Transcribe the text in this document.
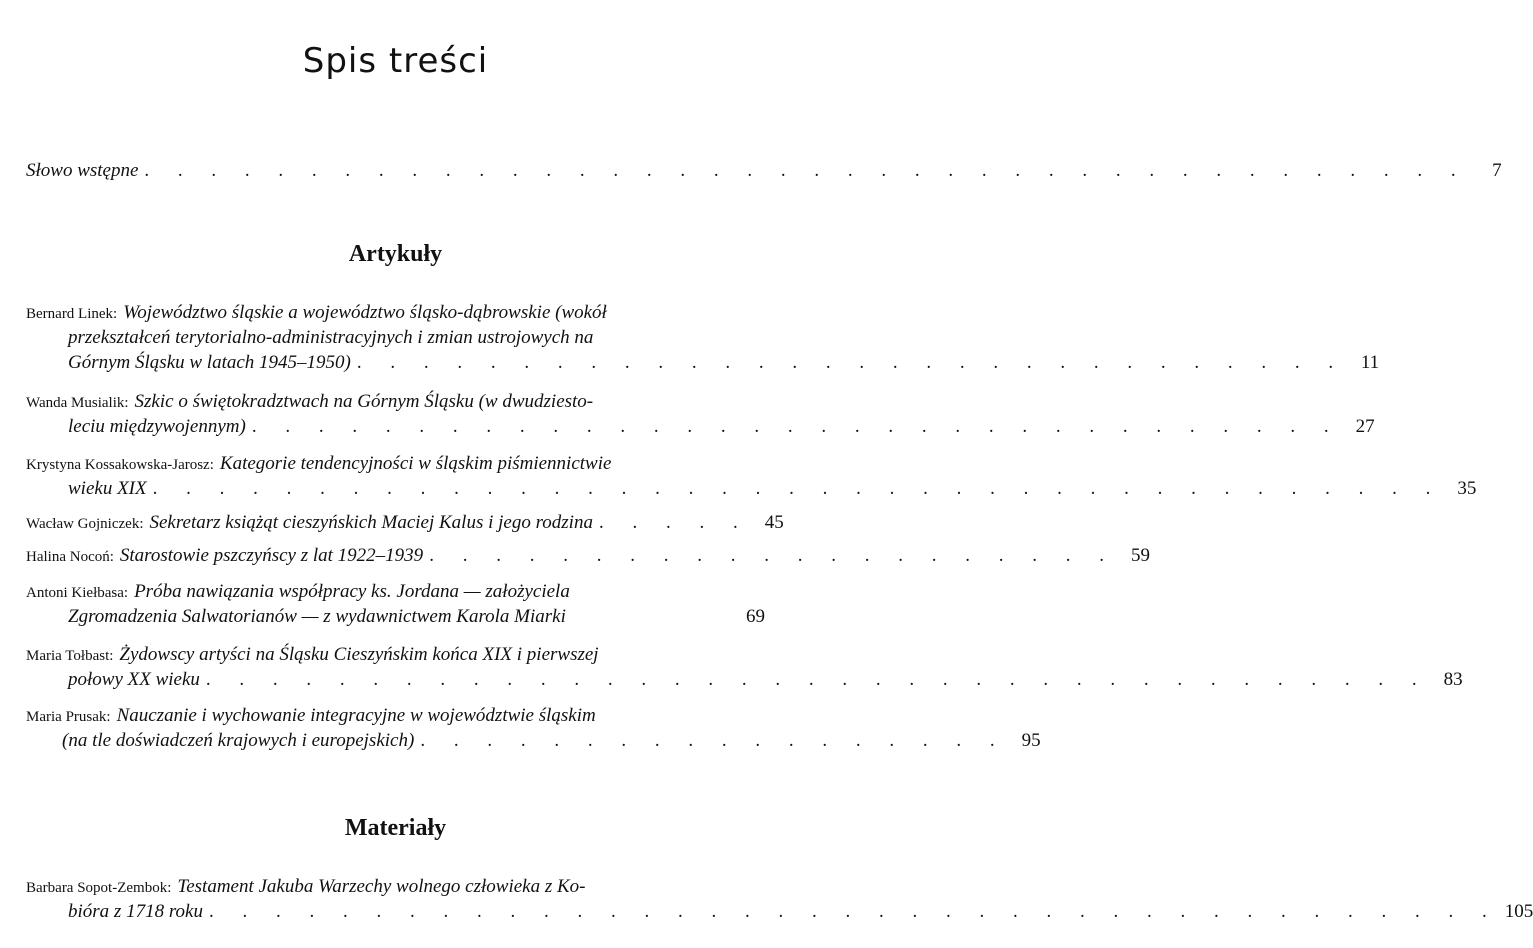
Spis treści
Słowo wstępne . . . . . . . . . . . . . . . . . . . . . . . . . . . . . . . . . . . . . . . .	7
Artykuły
Bernard Linek: Województwo śląskie a województwo śląsko-dąbrowskie (wokół
przekształceń terytorialno-administracyjnych i zmian ustrojowych na
Górnym Śląsku w latach 1945–1950) . . . . . . . . . . . . . . . . . . . . . . . . . . . . . . 11
Wanda Musialik: Szkic o świętokradztwach na Górnym Śląsku (w dwudziesto-
leciu międzywojennym) . . . . . . . . . . . . . . . . . . . . . . . . . . . . . . . . . 27
Krystyna Kossakowska-Jarosz: Kategorie tendencyjności w śląskim piśmiennictwie
wieku XIX . . . . . . . . . . . . . . . . . . . . . . . . . . . . . . . . . . . . . . . 35
Wacław Gojniczek: Sekretarz książąt cieszyńskich Maciej Kalus i jego rodzina . . . . . 45
Halina Nocoń: Starostowie pszczyńscy z lat 1922–1939 . . . . . . . . . . . . . . . . . . . . . 59
Antoni Kiełbasa: Próba nawiązania współpracy ks. Jordana — założyciela
Zgromadzenia Salwatorianów — z wydawnictwem Karola Miarki	69
Maria Tołbast: Żydowscy artyści na Śląsku Cieszyńskim końca XIX i pierwszej
połowy XX wieku . . . . . . . . . . . . . . . . . . . . . . . . . . . . . . . . . . . . . 83
Maria Prusak: Nauczanie i wychowanie integracyjne w województwie śląskim
(na tle doświadczeń krajowych i europejskich) . . . . . . . . . . . . . . . . . . 95
Materiały
Barbara Sopot-Zembok: Testament Jakuba Warzechy wolnego człowieka z Ko-
bióra z 1718 roku . . . . . . . . . . . . . . . . . . . . . . . . . . . . . . . . . . . . . . . 105
